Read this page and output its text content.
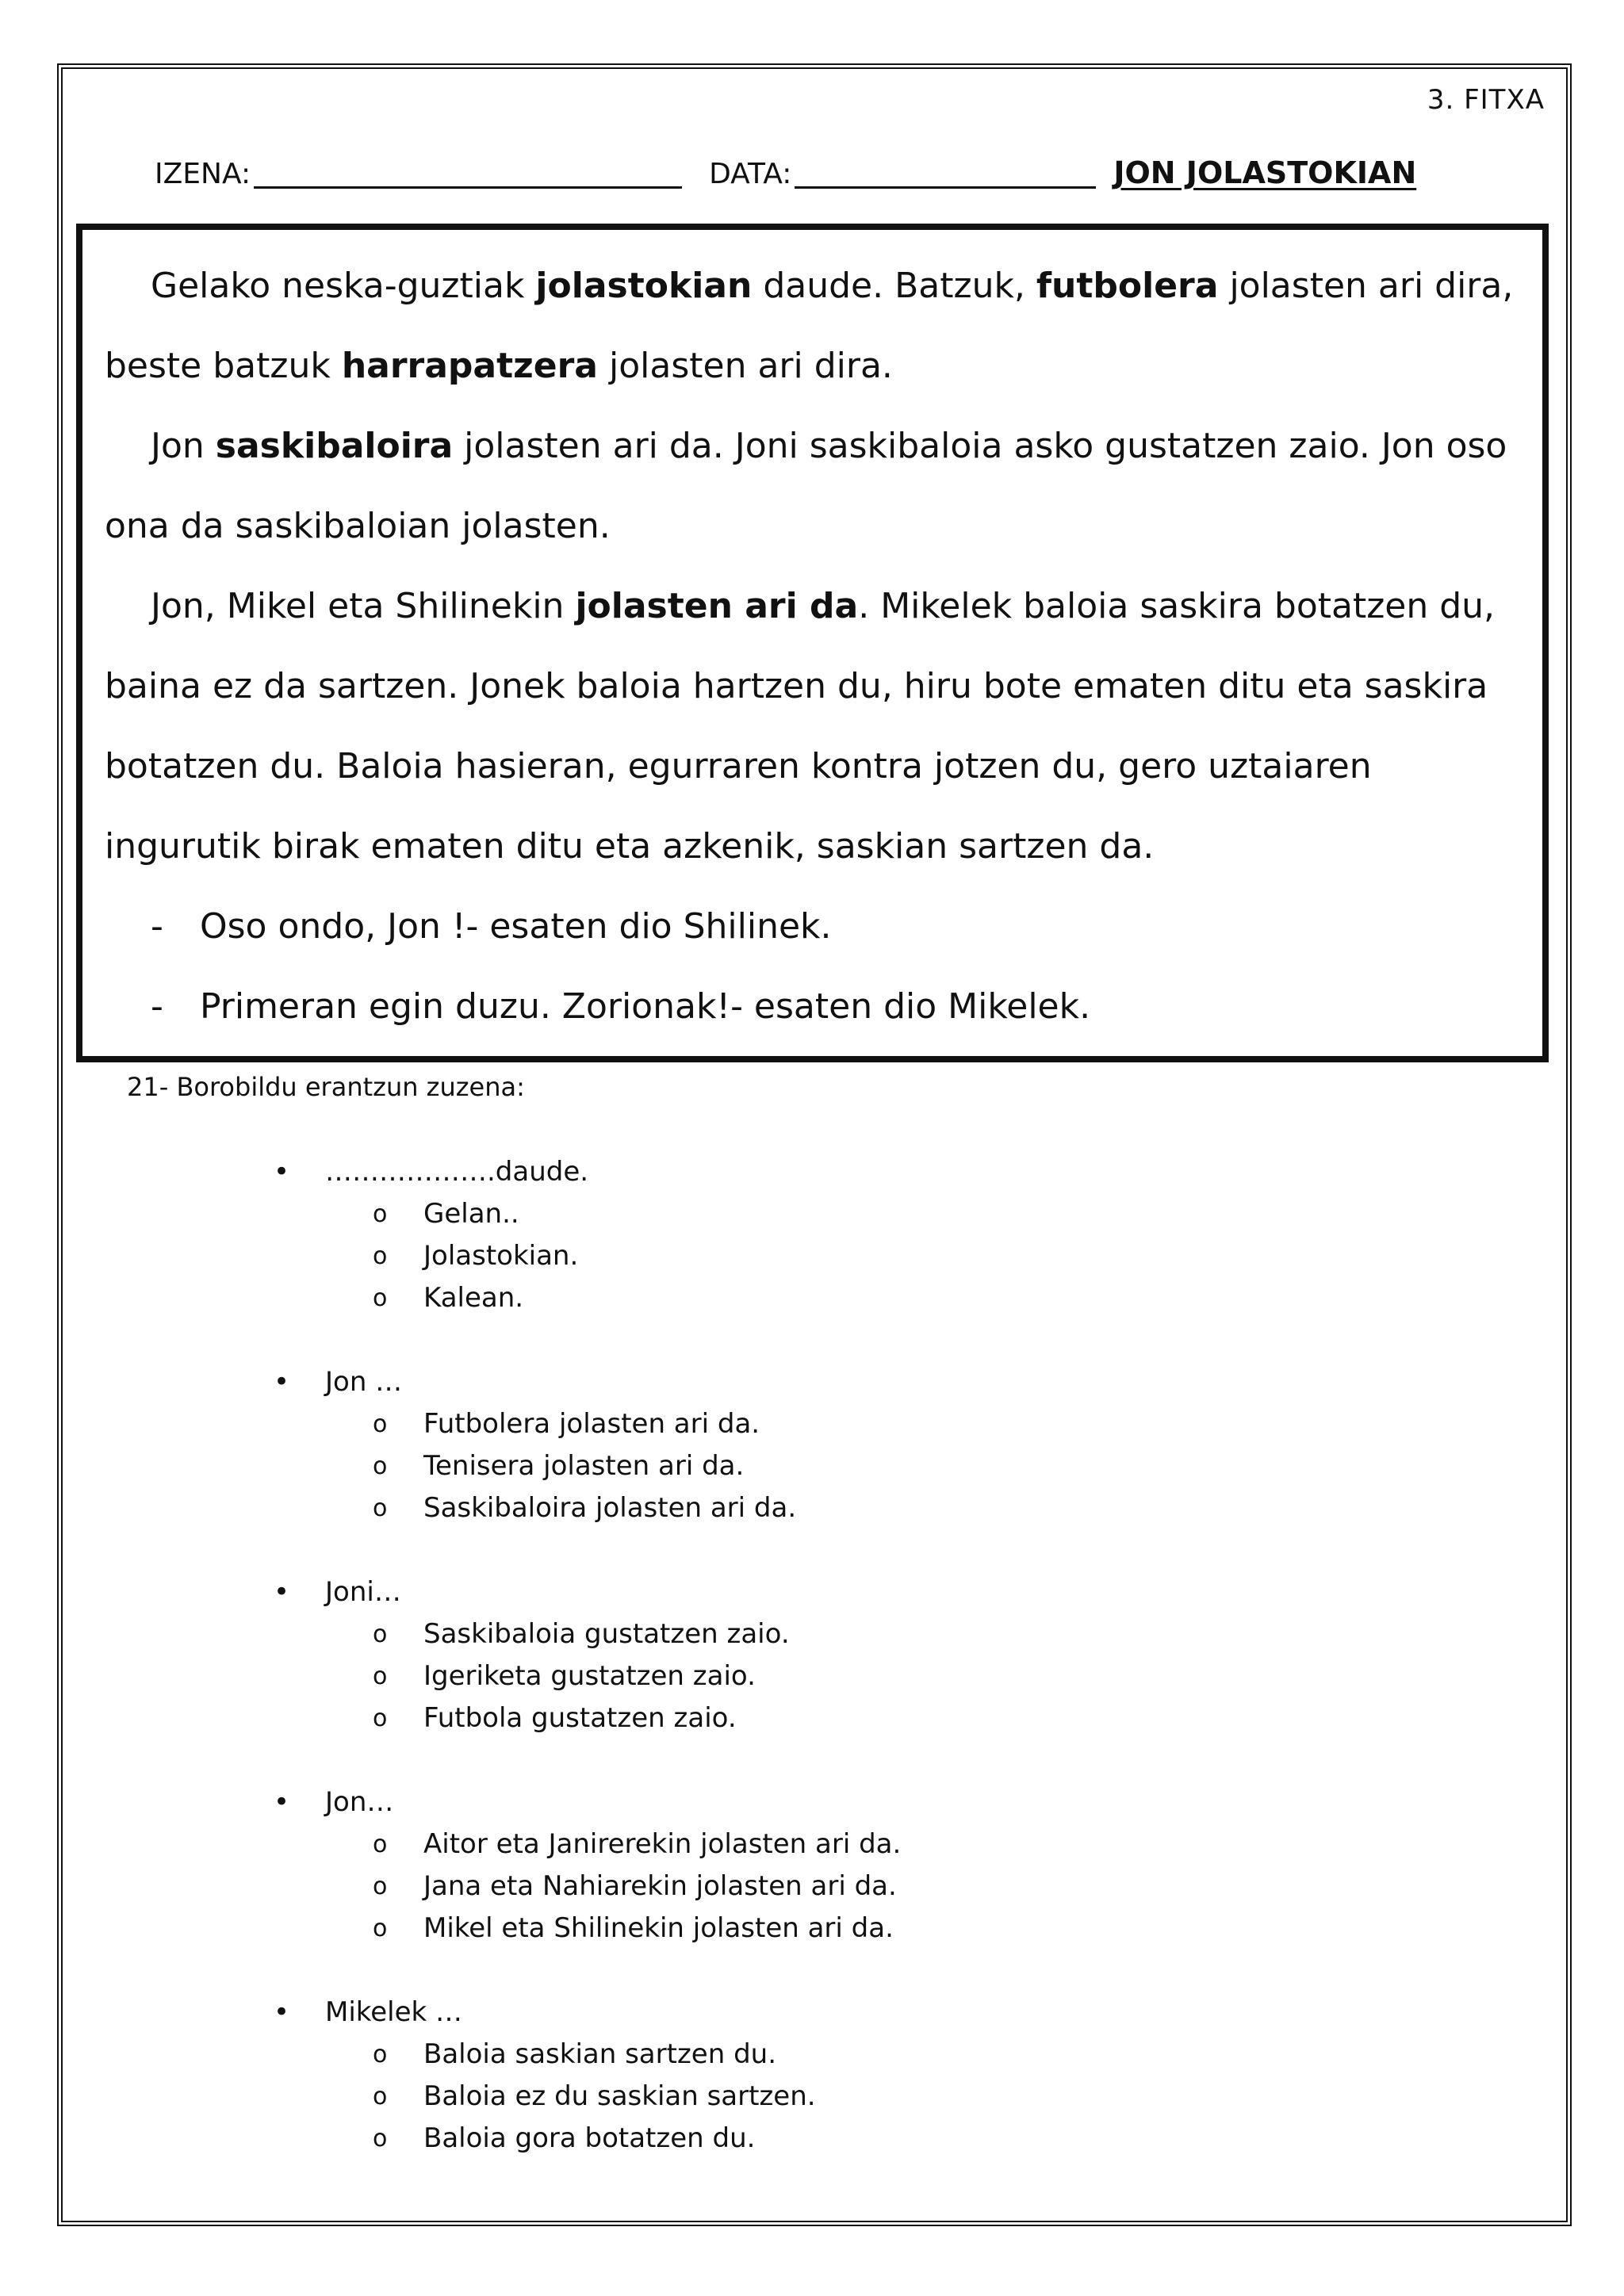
3. FITXA
IZENA:	DATA:	JON JOLASTOKIAN

Gelako neska-guztiak jolastokian daude. Batzuk, futbolera jolasten ari dira, beste batzuk harrapatzera jolasten ari dira.

Jon saskibaloira jolasten ari da. Joni saskibaloia asko gustatzen zaio. Jon oso ona da saskibaloian jolasten.

Jon, Mikel eta Shilinekin jolasten ari da. Mikelek baloia saskira botatzen du, baina ez da sartzen. Jonek baloia hartzen du, hiru bote ematen ditu eta saskira botatzen du. Baloia hasieran, egurraren kontra jotzen du, gero uztaiaren ingurutik birak ematen ditu eta azkenik, saskian sartzen da.

- Oso ondo, Jon !- esaten dio Shilinek.

- Primeran egin duzu. Zorionak!- esaten dio Mikelek.

21- Borobildu erantzun zuzena:
• ……………….daude.
o Gelan..
o Jolastokian.
o Kalean.
• Jon …
o Futbolera jolasten ari da.
o Tenisera jolasten ari da.
o Saskibaloira jolasten ari da.
• Joni…
o Saskibaloia gustatzen zaio.
o Igeriketa gustatzen zaio.
o Futbola gustatzen zaio.
• Jon…
o Aitor eta Janirerekin jolasten ari da.
o Jana eta Nahiarekin jolasten ari da.
o Mikel eta Shilinekin jolasten ari da.
• Mikelek …
o Baloia saskian sartzen du.
o Baloia ez du saskian sartzen.
o Baloia gora botatzen du.
